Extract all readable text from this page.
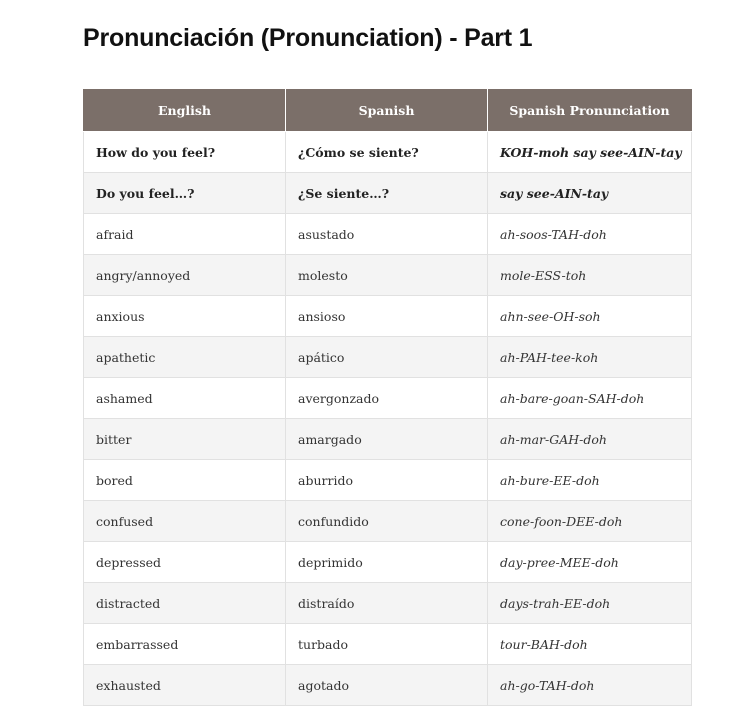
Pronunciación (Pronunciation) - Part 1
English	Spanish	Spanish Pronunciation
How do you feel?	¿Cómo se siente?	KOH-moh say see-AIN-tay
Do you feel…?	¿Se siente…?	say see-AIN-tay
afraid	asustado	ah-soos-TAH-doh
angry/annoyed	molesto	mole-ESS-toh
anxious	ansioso	ahn-see-OH-soh
apathetic	apático	ah-PAH-tee-koh
ashamed	avergonzado	ah-bare-goan-SAH-doh
bitter	amargado	ah-mar-GAH-doh
bored	aburrido	ah-bure-EE-doh
confused	confundido	cone-foon-DEE-doh
depressed	deprimido	day-pree-MEE-doh
distracted	distraído	days-trah-EE-doh
embarrassed	turbado	tour-BAH-doh
exhausted	agotado	ah-go-TAH-doh
